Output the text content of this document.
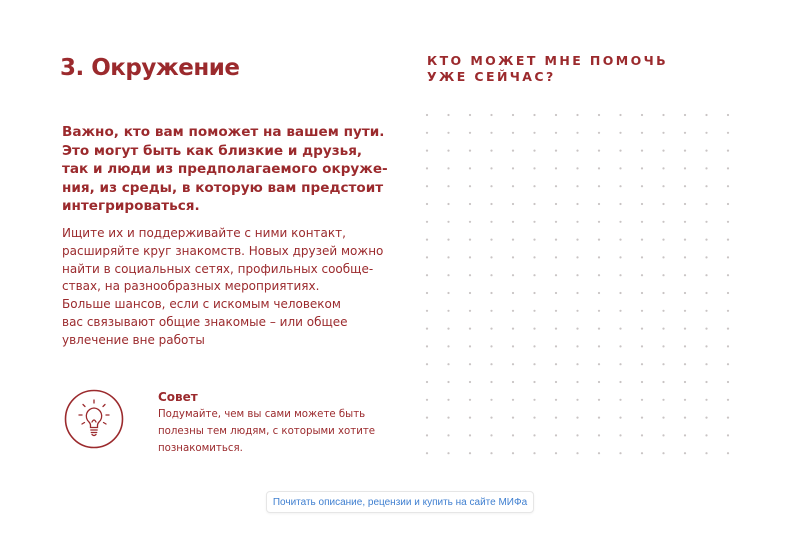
3. Окружение	КТО МОЖЕТ МНЕ ПОМОЧЬ
УЖЕ СЕЙЧАС?
Важно, кто вам поможет на вашем пути.
Это могут быть как близкие и друзья,
так и люди из предполагаемого окруже-
ния, из среды, в которую вам предстоит
интегрироваться.
Ищите их и поддерживайте с ними контакт,
расширяйте круг знакомств. Новых друзей можно
найти в социальных сетях, профильных сообще-
ствах, на разнообразных мероприятиях.
Больше шансов, если с искомым человеком
вас связывают общие знакомые – или общее
увлечение вне работы
Совет
Подумайте, чем вы сами можете быть
полезны тем людям, с которыми хотите
познакомиться.
Почитать описание, рецензии и купить на сайте МИФа
